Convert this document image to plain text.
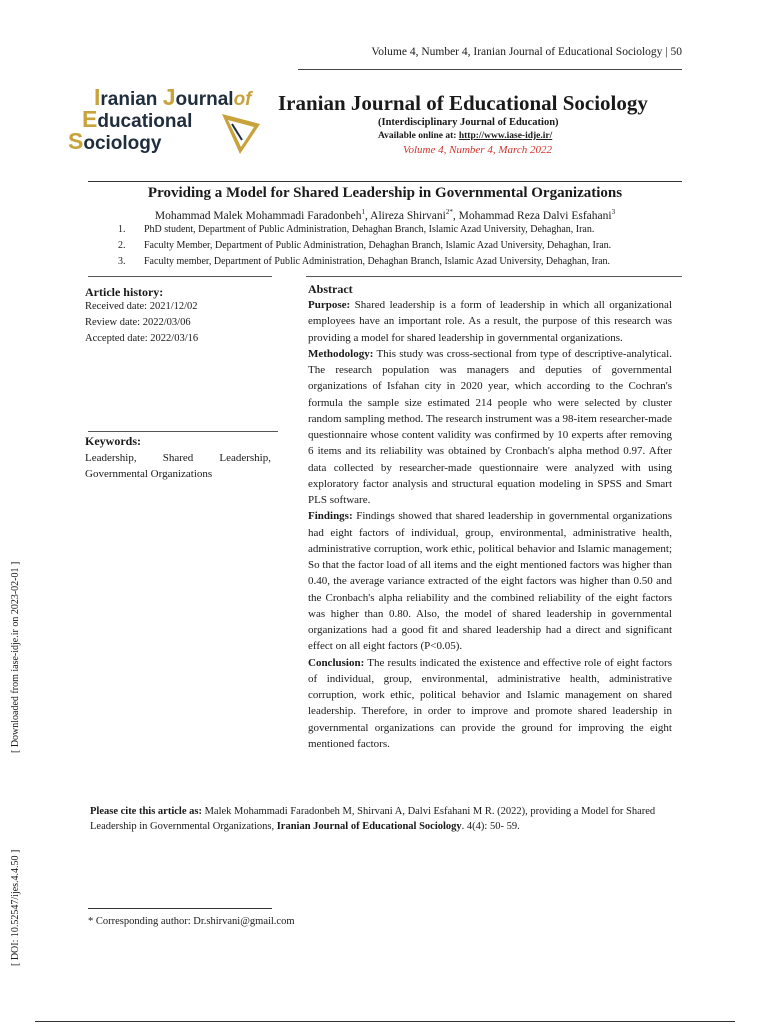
Volume 4, Number 4, Iranian Journal of Educational Sociology | 50
Iranian Journalof
Educational
Sociology
Iranian Journal of Educational Sociology
(Interdisciplinary Journal of Education)
Available online at: http://www.iase-idje.ir/
Volume 4, Number 4, March 2022
Providing a Model for Shared Leadership in Governmental Organizations
Mohammad Malek Mohammadi Faradonbeh$^1$, Alireza Shirvani$^{2*}$, Mohammad Reza Dalvi Esfahani$^3$
1. PhD student, Department of Public Administration, Dehaghan Branch, Islamic Azad University, Dehaghan, Iran.
2. Faculty Member, Department of Public Administration, Dehaghan Branch, Islamic Azad University, Dehaghan, Iran.
3. Faculty member, Department of Public Administration, Dehaghan Branch, Islamic Azad University, Dehaghan, Iran.
Article history:
Received date: 2021/12/02
Review date: 2022/03/06
Accepted date: 2022/03/16
Keywords:
Leadership, Shared Leadership,
Governmental Organizations
Abstract

Purpose: Shared leadership is a form of leadership in which all organizational employees have an important role. As a result, the purpose of this research was providing a model for shared leadership in governmental organizations.

Methodology: This study was cross-sectional from type of descriptive-analytical. The research population was managers and deputies of governmental organizations of Isfahan city in 2020 year, which according to the Cochran's formula the sample size estimated 214 people who were selected by cluster random sampling method. The research instrument was a 98-item researcher-made questionnaire whose content validity was confirmed by 10 experts after removing 6 items and its reliability was obtained by Cronbach's alpha method 0.97. After data collected by researcher-made questionnaire were analyzed with using exploratory factor analysis and structural equation modeling in SPSS and Smart PLS software.

Findings: Findings showed that shared leadership in governmental organizations had eight factors of individual, group, environmental, administrative health, administrative corruption, work ethic, political behavior and Islamic management; So that the factor load of all items and the eight mentioned factors was higher than 0.40, the average variance extracted of the eight factors was higher than 0.50 and the Cronbach's alpha reliability and the combined reliability of the eight factors was higher than 0.80. Also, the model of shared leadership in governmental organizations had a good fit and shared leadership had a direct and significant effect on all eight factors (P<0.05).

Conclusion: The results indicated the existence and effective role of eight factors of individual, group, environmental, administrative health, administrative corruption, work ethic, political behavior and Islamic management on shared leadership. Therefore, in order to improve and promote shared leadership in governmental organizations can provide the ground for improving the eight mentioned factors.

Please cite this article as: Malek Mohammadi Faradonbeh M, Shirvani A, Dalvi Esfahani M R. (2022), providing a Model for Shared Leadership in Governmental Organizations, Iranian Journal of Educational Sociology. 4(4): 50- 59.
* Corresponding author: Dr.shirvani@gmail.com
[ Downloaded from iase-idje.ir on 2023-02-01 ]
[ DOI: 10.52547/ijes.4.4.50 ]
